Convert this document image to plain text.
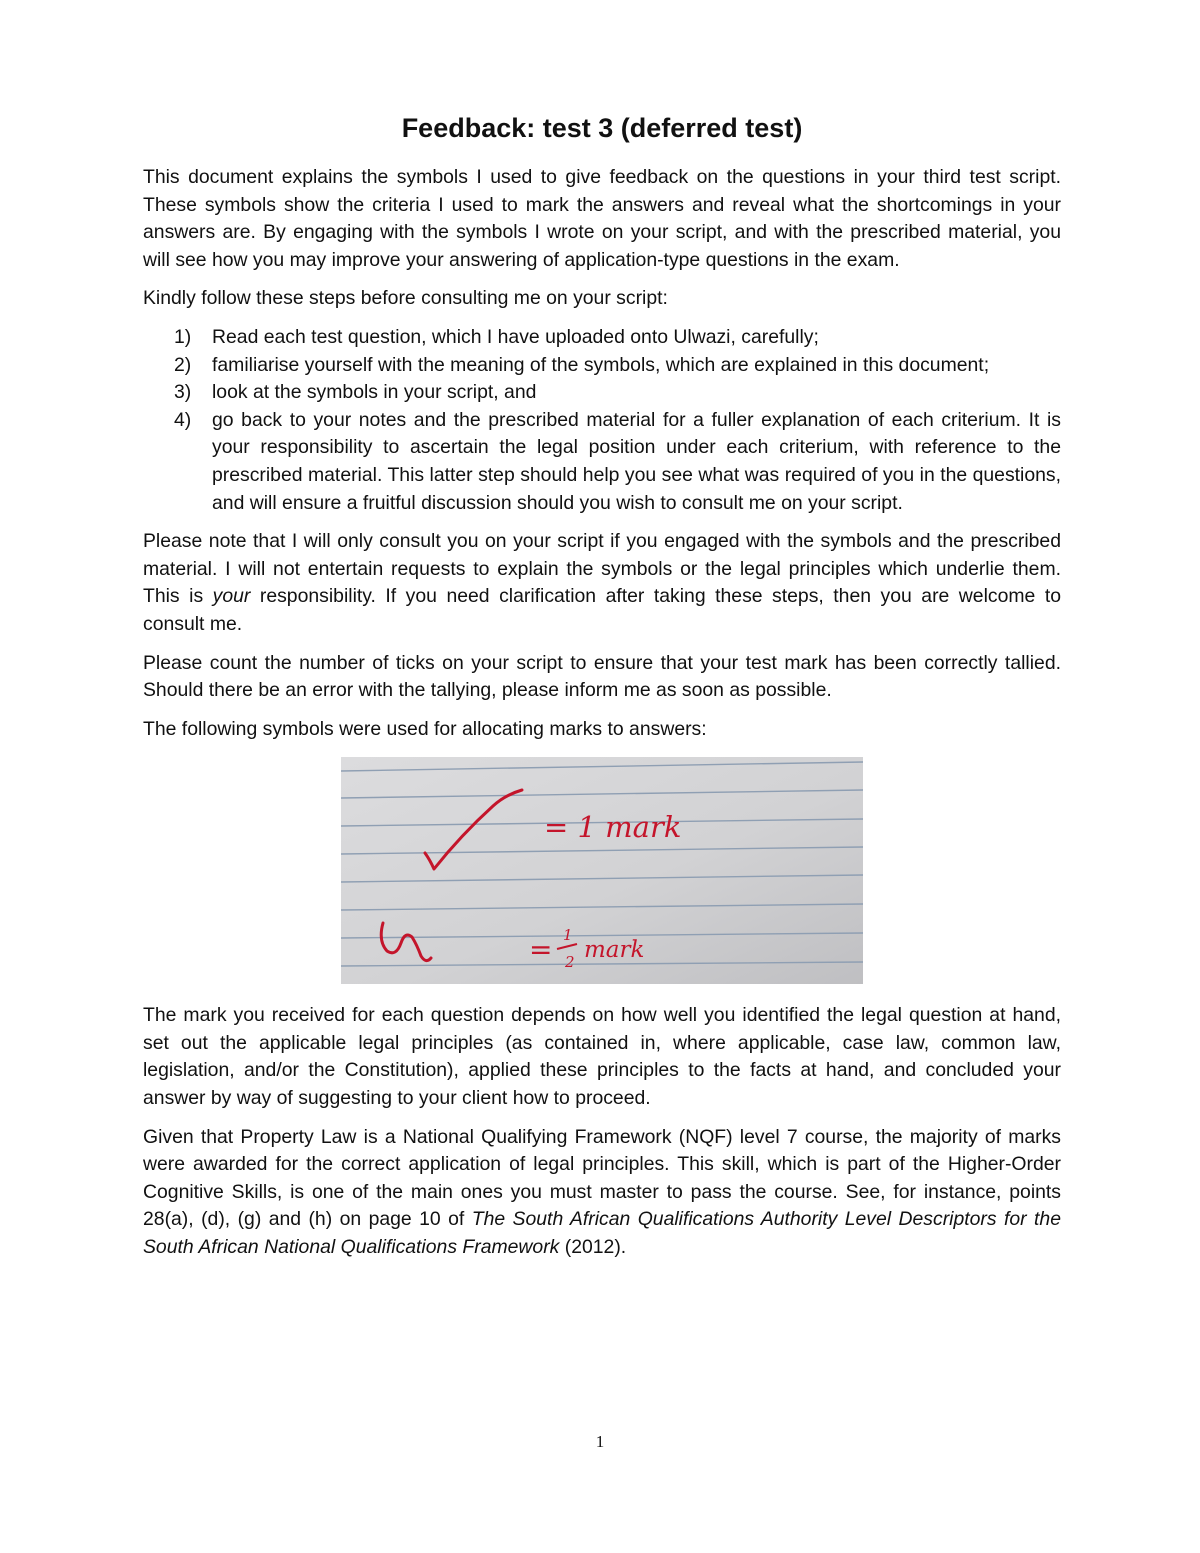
Feedback: test 3 (deferred test)

This document explains the symbols I used to give feedback on the questions in your third test script. These symbols show the criteria I used to mark the answers and reveal what the shortcomings in your answers are. By engaging with the symbols I wrote on your script, and with the prescribed material, you will see how you may improve your answering of application-type questions in the exam.

Kindly follow these steps before consulting me on your script:

1) Read each test question, which I have uploaded onto Ulwazi, carefully;
2) familiarise yourself with the meaning of the symbols, which are explained in this document;
3) look at the symbols in your script, and
4) go back to your notes and the prescribed material for a fuller explanation of each criterium. It is your responsibility to ascertain the legal position under each criterium, with reference to the prescribed material. This latter step should help you see what was required of you in the questions, and will ensure a fruitful discussion should you wish to consult me on your script.

Please note that I will only consult you on your script if you engaged with the symbols and the prescribed material. I will not entertain requests to explain the symbols or the legal principles which underlie them. This is your responsibility. If you need clarification after taking these steps, then you are welcome to consult me.

Please count the number of ticks on your script to ensure that your test mark has been correctly tallied. Should there be an error with the tallying, please inform me as soon as possible.

The following symbols were used for allocating marks to answers:

= 1 mark
= 1
2 mark

The mark you received for each question depends on how well you identified the legal question at hand, set out the applicable legal principles (as contained in, where applicable, case law, common law, legislation, and/or the Constitution), applied these principles to the facts at hand, and concluded your answer by way of suggesting to your client how to proceed.

Given that Property Law is a National Qualifying Framework (NQF) level 7 course, the majority of marks were awarded for the correct application of legal principles. This skill, which is part of the Higher-Order Cognitive Skills, is one of the main ones you must master to pass the course. See, for instance, points 28(a), (d), (g) and (h) on page 10 of The South African Qualifications Authority Level Descriptors for the South African National Qualifications Framework (2012).

1
